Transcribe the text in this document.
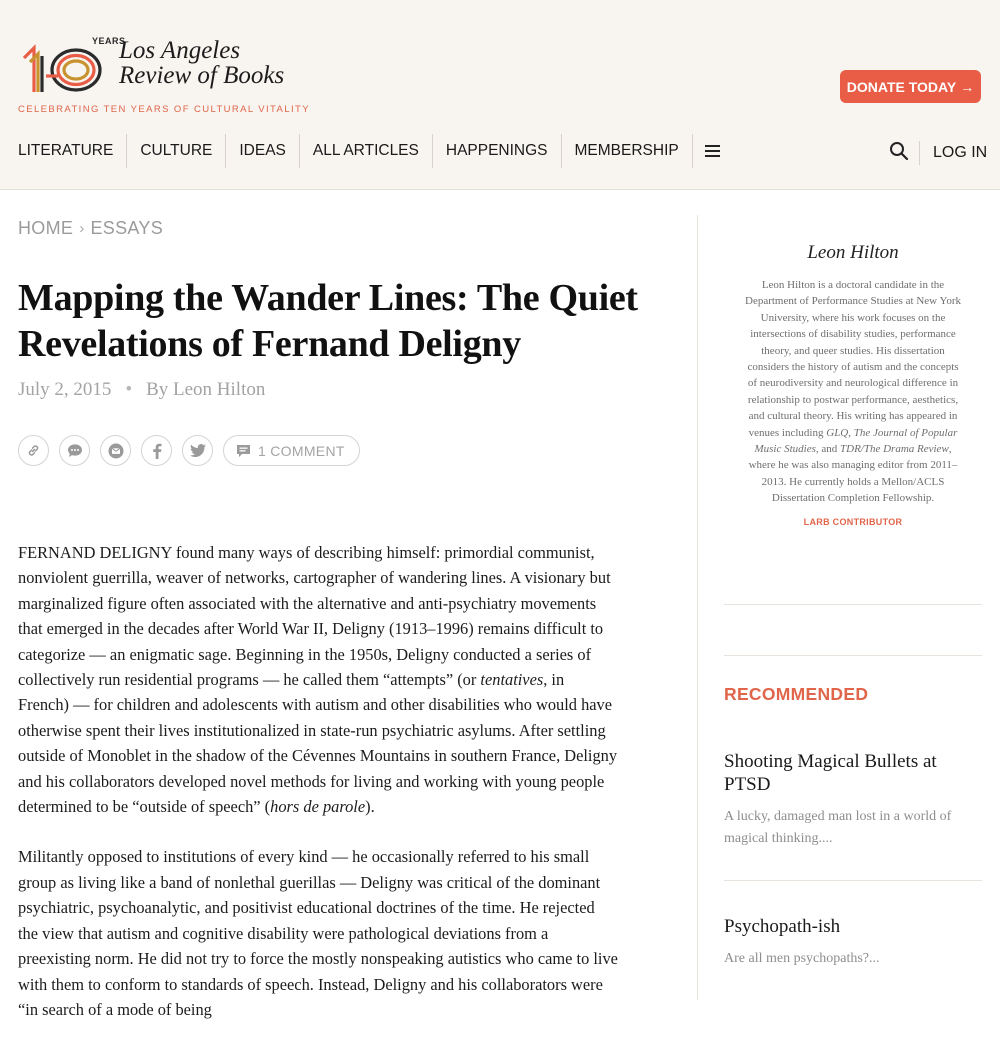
YEARS
Los Angeles
Review of Books
CELEBRATING TEN YEARS OF CULTURAL VITALITY
DONATE TODAY →
LITERATURE	CULTURE	IDEAS	ALL ARTICLES	HAPPENINGS	MEMBERSHIP	LOG IN
HOME › ESSAYS
Mapping the Wander Lines: The Quiet Revelations of Fernand Deligny
July 2, 2015 • By Leon Hilton
1 COMMENT

FERNAND DELIGNY found many ways of describing himself: primordial communist, nonviolent guerrilla, weaver of networks, cartographer of wandering lines. A visionary but marginalized figure often associated with the alternative and anti-psychiatry movements that emerged in the decades after World War II, Deligny (1913–1996) remains difficult to categorize — an enigmatic sage. Beginning in the 1950s, Deligny conducted a series of collectively run residential programs — he called them “attempts” (or tentatives, in French) — for children and adolescents with autism and other disabilities who would have otherwise spent their lives institutionalized in state-run psychiatric asylums. After settling outside of Monoblet in the shadow of the Cévennes Mountains in southern France, Deligny and his collaborators developed novel methods for living and working with young people determined to be “outside of speech” (hors de parole).

Militantly opposed to institutions of every kind — he occasionally referred to his small group as living like a band of nonlethal guerillas — Deligny was critical of the dominant psychiatric, psychoanalytic, and positivist educational doctrines of the time. He rejected the view that autism and cognitive disability were pathological deviations from a preexisting norm. He did not try to force the mostly nonspeaking autistics who came to live with them to conform to standards of speech. Instead, Deligny and his collaborators were “in search of a mode of being

Leon Hilton

Leon Hilton is a doctoral candidate in the Department of Performance Studies at New York University, where his work focuses on the intersections of disability studies, performance theory, and queer studies. His dissertation considers the history of autism and the concepts of neurodiversity and neurological difference in relationship to postwar performance, aesthetics, and cultural theory. His writing has appeared in venues including GLQ, The Journal of Popular Music Studies, and TDR/The Drama Review, where he was also managing editor from 2011–2013. He currently holds a Mellon/ACLS Dissertation Completion Fellowship.

LARB CONTRIBUTOR
RECOMMENDED
Shooting Magical Bullets at PTSD
A lucky, damaged man lost in a world of magical thinking....
Psychopath-ish
Are all men psychopaths?...
